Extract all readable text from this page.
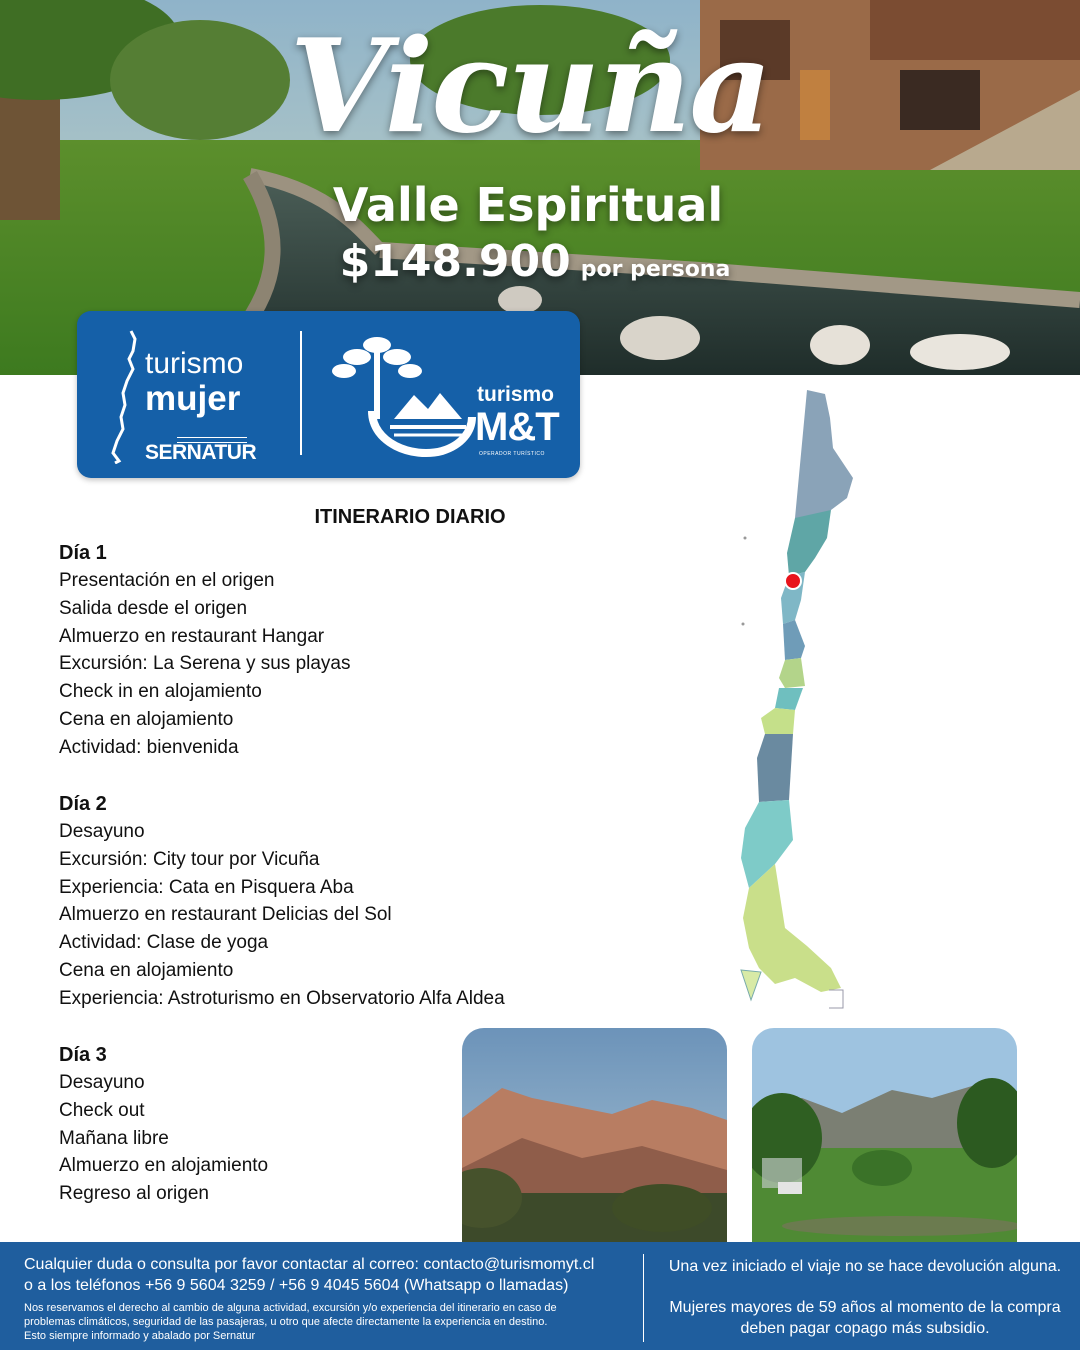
Vicuña
Valle Espiritual
$148.900 por persona
turismo
mujer
SERNATUR
turismo
M&T
OPERADOR TURÍSTICO
ITINERARIO DIARIO
Día 1
Presentación en el origen
Salida desde el origen
Almuerzo en restaurant Hangar
Excursión: La Serena y sus playas
Check in en alojamiento
Cena en alojamiento
Actividad: bienvenida
Día 2
Desayuno
Excursión: City tour por Vicuña
Experiencia: Cata en Pisquera Aba
Almuerzo en restaurant Delicias del Sol
Actividad: Clase de yoga
Cena en alojamiento
Experiencia: Astroturismo en Observatorio Alfa Aldea
Día 3
Desayuno
Check out
Mañana libre
Almuerzo en alojamiento
Regreso al origen
Cualquier duda o consulta por favor contactar al correo: contacto@turismomyt.cl
o a los teléfonos +56 9 5604 3259 / +56 9 4045 5604 (Whatsapp o llamadas)
Nos reservamos el derecho al cambio de alguna actividad, excursión y/o experiencia del itinerario en caso de
problemas climáticos, seguridad de las pasajeras, u otro que afecte directamente la experiencia en destino.
Esto siempre informado y abalado por Sernatur
Una vez iniciado el viaje no se hace devolución alguna.
Mujeres mayores de 59 años al momento de la compra
deben pagar copago más subsidio.
